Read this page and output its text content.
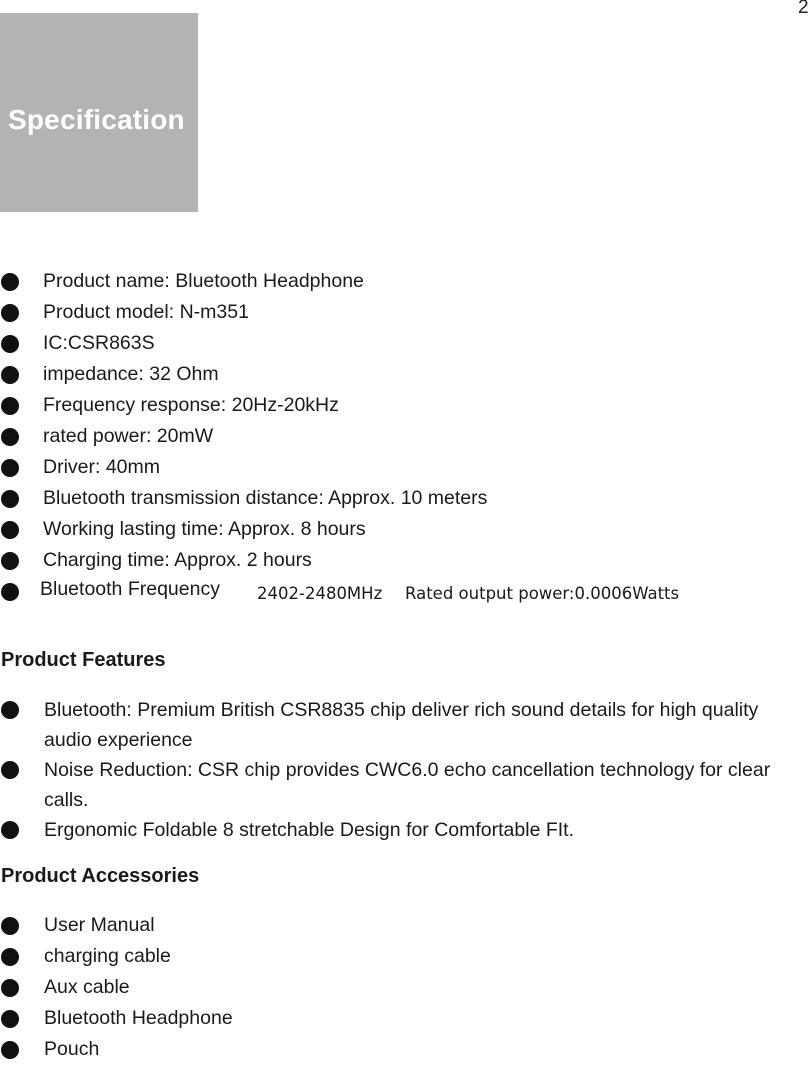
2
Specification
Product name: Bluetooth Headphone
Product model: N-m351
IC:CSR863S
impedance: 32 Ohm
Frequency response: 20Hz-20kHz
rated power: 20mW
Driver: 40mm
Bluetooth transmission distance: Approx. 10 meters
Working lasting time: Approx. 8 hours
Charging time: Approx. 2 hours
Bluetooth Frequency 2402-2480MHz Rated output power:0.0006Watts
Product Features
Bluetooth: Premium British CSR8835 chip deliver rich sound details for high quality audio experience
Noise Reduction: CSR chip provides CWC6.0 echo cancellation technology for clear calls.
Ergonomic Foldable 8 stretchable Design for Comfortable FIt.
Product Accessories
User Manual
charging cable
Aux cable
Bluetooth Headphone
Pouch
